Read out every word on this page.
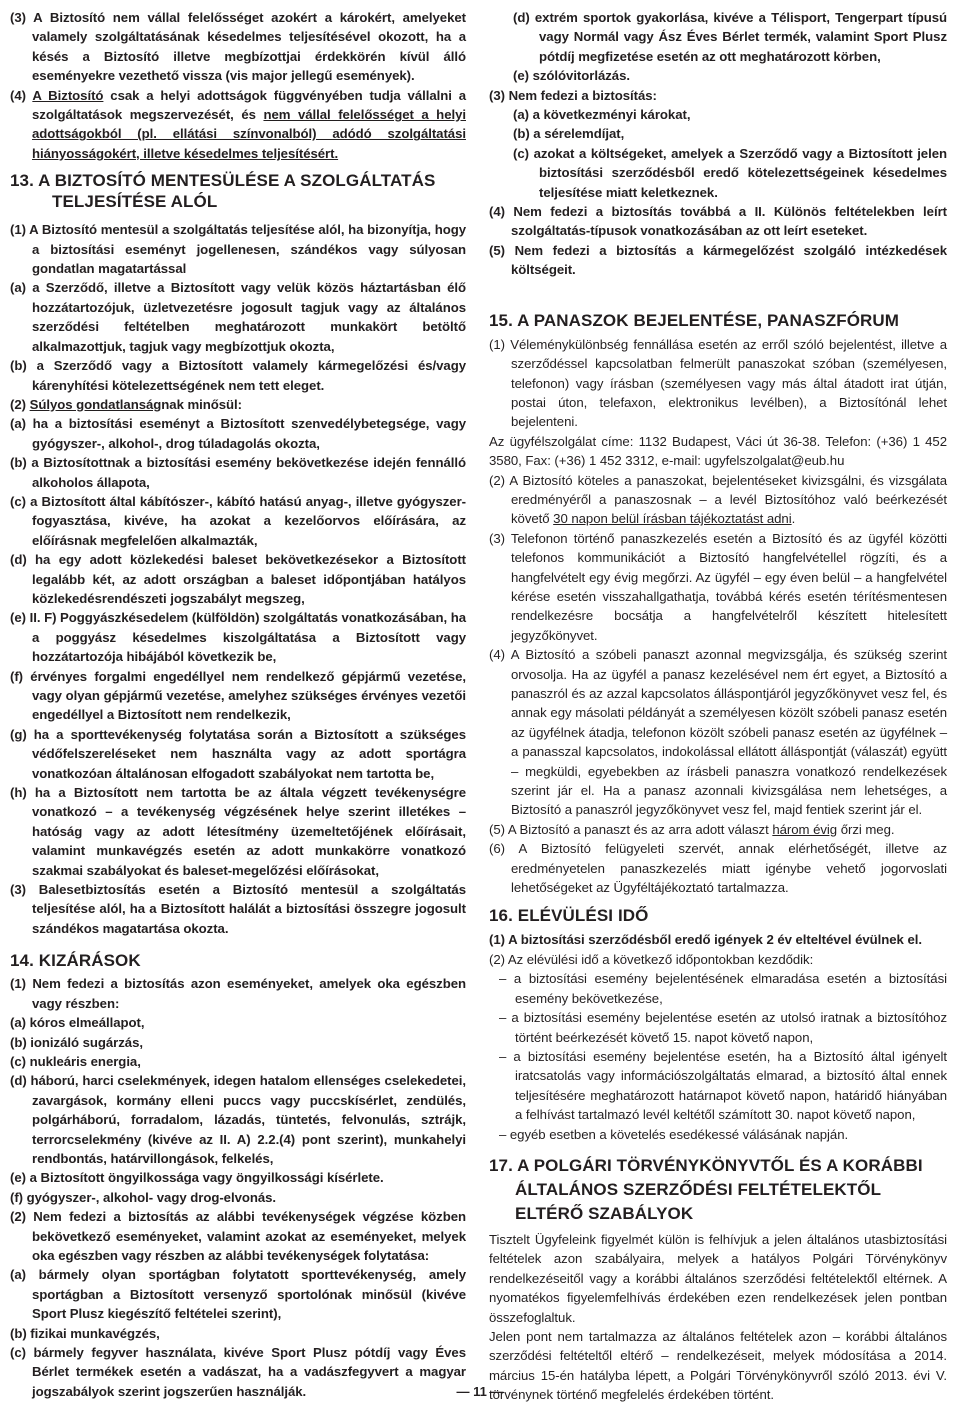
(3) A Biztosító nem vállal felelősséget azokért a károkért, amelyeket valamely szolgáltatásának késedelmes teljesítésével okozott, ha a késés a Biztosító illetve megbízottjai érdekkörén kívül álló eseményekre vezethető vissza (vis major jellegű események).

(4) A Biztosító csak a helyi adottságok függvényében tudja vállalni a szolgáltatások megszervezését, és nem vállal felelősséget a helyi adottságokból (pl. ellátási színvonalból) adódó szolgáltatási hiányosságokért, illetve késedelmes teljesítésért.

13. A BIZTOSÍTÓ MENTESÜLÉSE A SZOLGÁLTATÁS TELJESÍTÉSE ALÓL

(1) A Biztosító mentesül a szolgáltatás teljesítése alól, ha bizonyítja, hogy a biztosítási eseményt jogellenesen, szándékos vagy súlyosan gondatlan magatartással

(a) a Szerződő, illetve a Biztosított vagy velük közös háztartásban élő hozzátartozójuk, üzletvezetésre jogosult tagjuk vagy az általános szerződési feltételben meghatározott munkakört betöltő alkalmazottjuk, tagjuk vagy megbízottjuk okozta,

(b) a Szerződő vagy a Biztosított valamely kármegelőzési és/vagy kárenyhítési kötelezettségének nem tett eleget.

(2) Súlyos gondatlanságnak minősül:

(a) ha a biztosítási eseményt a Biztosított szenvedélybetegsége, vagy gyógyszer-, alkohol-, drog túladagolás okozta,

(b) a Biztosítottnak a biztosítási esemény bekövetkezése idején fennálló alkoholos állapota,

(c) a Biztosított által kábítószer-, kábító hatású anyag-, illetve gyógyszer-fogyasztása, kivéve, ha azokat a kezelőorvos előírására, az előírásnak megfelelően alkalmazták,

(d) ha egy adott közlekedési baleset bekövetkezésekor a Biztosított legalább két, az adott országban a baleset időpontjában hatályos közlekedésrendészeti jogszabályt megszeg,

(e) II. F) Poggyászkésedelem (külföldön) szolgáltatás vonatkozásában, ha a poggyász késedelmes kiszolgáltatása a Biztosított vagy hozzátartozója hibájából következik be,

(f) érvényes forgalmi engedéllyel nem rendelkező gépjármű vezetése, vagy olyan gépjármű vezetése, amelyhez szükséges érvényes vezetői engedéllyel a Biztosított nem rendelkezik,

(g) ha a sporttevékenység folytatása során a Biztosított a szükséges védőfelszereléseket nem használta vagy az adott sportágra vonatkozóan általánosan elfogadott szabályokat nem tartotta be,

(h) ha a Biztosított nem tartotta be az általa végzett tevékenységre vonatkozó – a tevékenység végzésének helye szerint illetékes – hatóság vagy az adott létesítmény üzemeltetőjének előírásait, valamint munkavégzés esetén az adott munkakörre vonatkozó szakmai szabályokat és baleset-megelőzési előírásokat,

(3) Balesetbiztosítás esetén a Biztosító mentesül a szolgáltatás teljesítése alól, ha a Biztosított halálát a biztosítási összegre jogosult szándékos magatartása okozta.

14. KIZÁRÁSOK

(1) Nem fedezi a biztosítás azon eseményeket, amelyek oka egészben vagy részben:

(a) kóros elmeállapot,

(b) ionizáló sugárzás,

(c) nukleáris energia,

(d) háború, harci cselekmények, idegen hatalom ellenséges cselekedetei, zavargások, kormány elleni puccs vagy puccskísérlet, zendülés, polgárháború, forradalom, lázadás, tüntetés, felvonulás, sztrájk, terrorcselekmény (kivéve az II. A) 2.2.(4) pont szerint), munkahelyi rendbontás, határvillongások, felkelés,

(e) a Biztosított öngyilkossága vagy öngyilkossági kísérlete.

(f) gyógyszer-, alkohol- vagy drog-elvonás.

(2) Nem fedezi a biztosítás az alábbi tevékenységek végzése közben bekövetkező eseményeket, valamint azokat az eseményeket, melyek oka egészben vagy részben az alábbi tevékenységek folytatása:

(a) bármely olyan sportágban folytatott sporttevékenység, amely sportágban a Biztosított versenyző sportolónak minősül (kivéve Sport Plusz kiegészítő feltételei szerint),

(b) fizikai munkavégzés,

(c) bármely fegyver használata, kivéve Sport Plusz pótdíj vagy Éves Bérlet termékek esetén a vadászat, ha a vadászfegyvert a magyar jogszabályok szerint jogszerűen használják.

(d) extrém sportok gyakorlása, kivéve a Télisport, Tengerpart típusú vagy Normál vagy Ász Éves Bérlet termék, valamint Sport Plusz pótdíj megfizetése esetén az ott meghatározott körben,

(e) szólóvitorlázás.

(3) Nem fedezi a biztosítás:

(a) a következményi károkat,

(b) a sérelemdíjat,

(c) azokat a költségeket, amelyek a Szerződő vagy a Biztosított jelen biztosítási szerződésből eredő kötelezettségeinek késedelmes teljesítése miatt keletkeznek.

(4) Nem fedezi a biztosítás továbbá a II. Különös feltételekben leírt szolgáltatás-típusok vonatkozásában az ott leírt eseteket.

(5) Nem fedezi a biztosítás a kármegelőzést szolgáló intézkedések költségeit.

15. A PANASZOK BEJELENTÉSE, PANASZFÓRUM

(1) Véleménykülönbség fennállása esetén az erről szóló bejelentést, illetve a szerződéssel kapcsolatban felmerült panaszokat szóban (személyesen, telefonon) vagy írásban (személyesen vagy más által átadott irat útján, postai úton, telefaxon, elektronikus levélben), a Biztosítónál lehet bejelenteni.

Az ügyfélszolgálat címe: 1132 Budapest, Váci út 36-38. Telefon: (+36) 1 452 3580, Fax: (+36) 1 452 3312, e-mail: ugyfelszolgalat@eub.hu

(2) A Biztosító köteles a panaszokat, bejelentéseket kivizsgálni, és vizsgálata eredményéről a panaszosnak – a levél Biztosítóhoz való beérkezését követő 30 napon belül írásban tájékoztatást adni.

(3) Telefonon történő panaszkezelés esetén a Biztosító és az ügyfél közötti telefonos kommunikációt a Biztosító hangfelvétellel rögzíti, és a hangfelvételt egy évig megőrzi. Az ügyfél – egy éven belül – a hangfelvétel kérése esetén visszahallgathatja, továbbá kérés esetén térítésmentesen rendelkezésre bocsátja a hangfelvételről készített hitelesített jegyzőkönyvet.

(4) A Biztosító a szóbeli panaszt azonnal megvizsgálja, és szükség szerint orvosolja. Ha az ügyfél a panasz kezelésével nem ért egyet, a Biztosító a panaszról és az azzal kapcsolatos álláspontjáról jegyzőkönyvet vesz fel, és annak egy másolati példányát a személyesen közölt szóbeli panasz esetén az ügyfélnek átadja, telefonon közölt szóbeli panasz esetén az ügyfélnek – a panasszal kapcsolatos, indokolással ellátott álláspontját (válaszát) együtt – megküldi, egyebekben az írásbeli panaszra vonatkozó rendelkezések szerint jár el. Ha a panasz azonnali kivizsgálása nem lehetséges, a Biztosító a panaszról jegyzőkönyvet vesz fel, majd fentiek szerint jár el.

(5) A Biztosító a panaszt és az arra adott választ három évig őrzi meg.

(6) A Biztosító felügyeleti szervét, annak elérhetőségét, illetve az eredményetelen panaszkezelés miatt igénybe vehető jogorvoslati lehetőségeket az Ügyféltájékoztató tartalmazza.

16. ELÉVÜLÉSI IDŐ

(1) A biztosítási szerződésből eredő igények 2 év elteltével évülnek el.

(2) Az elévülési idő a következő időpontokban kezdődik:

– a biztosítási esemény bejelentésének elmaradása esetén a biztosítási esemény bekövetkezése,

– a biztosítási esemény bejelentése esetén az utolsó iratnak a biztosítóhoz történt beérkezését követő 15. napot követő napon,

– a biztosítási esemény bejelentése esetén, ha a Biztosító által igényelt iratcsatolás vagy információszolgáltatás elmarad, a biztosító által ennek teljesítésére meghatározott határnapot követő napon, határidő hiányában a felhívást tartalmazó levél keltétől számított 30. napot követő napon,

– egyéb esetben a követelés esedékessé válásának napján.

17. A POLGÁRI TÖRVÉNYKÖNYVTŐL ÉS A KORÁBBI ÁLTALÁNOS SZERZŐDÉSI FELTÉTELEKTŐL ELTÉRŐ SZABÁLYOK

Tisztelt Ügyfeleink figyelmét külön is felhívjuk a jelen általános utasbiztosítási feltételek azon szabályaira, melyek a hatályos Polgári Törvénykönyv rendelkezéseitől vagy a korábbi általános szerződési feltételektől eltérnek. A nyomatékos figyelemfelhívás érdekében ezen rendelkezések jelen pontban összefoglaltuk.

Jelen pont nem tartalmazza az általános feltételek azon – korábbi általános szerződési feltételtől eltérő – rendelkezéseit, melyek módosítása a 2014. március 15-én hatályba lépett, a Polgári Törvénykönyvről szóló 2013. évi V. törvénynek történő megfelelés érdekében történt.

— 11 —
